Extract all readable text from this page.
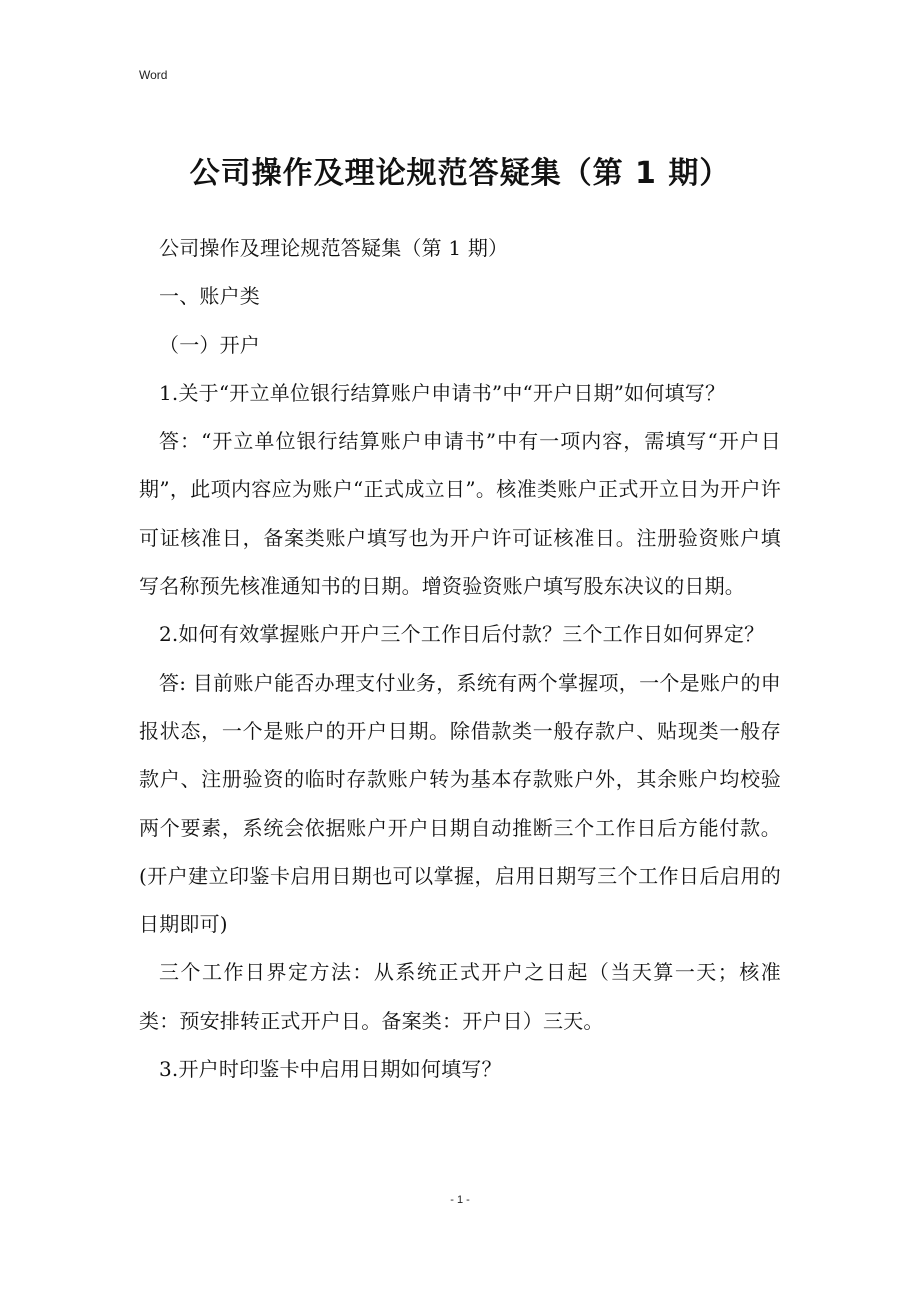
Word

公司操作及理论规范答疑集（第 1 期）

公司操作及理论规范答疑集（第 1 期）

一、账户类

（一）开户

1.关于“开立单位银行结算账户申请书”中“开户日期”如何填写？

答：“开立单位银行结算账户申请书”中有一项内容，需填写“开户日期”，此项内容应为账户“正式成立日”。核准类账户正式开立日为开户许可证核准日，备案类账户填写也为开户许可证核准日。注册验资账户填写名称预先核准通知书的日期。增资验资账户填写股东决议的日期。

2.如何有效掌握账户开户三个工作日后付款？三个工作日如何界定？

答: 目前账户能否办理支付业务，系统有两个掌握项，一个是账户的申报状态，一个是账户的开户日期。除借款类一般存款户、贴现类一般存款户、注册验资的临时存款账户转为基本存款账户外，其余账户均校验两个要素，系统会依据账户开户日期自动推断三个工作日后方能付款。(开户建立印鉴卡启用日期也可以掌握，启用日期写三个工作日后启用的日期即可)

三个工作日界定方法：从系统正式开户之日起（当天算一天；核准类：预安排转正式开户日。备案类：开户日）三天。

3.开户时印鉴卡中启用日期如何填写？

- 1 -
